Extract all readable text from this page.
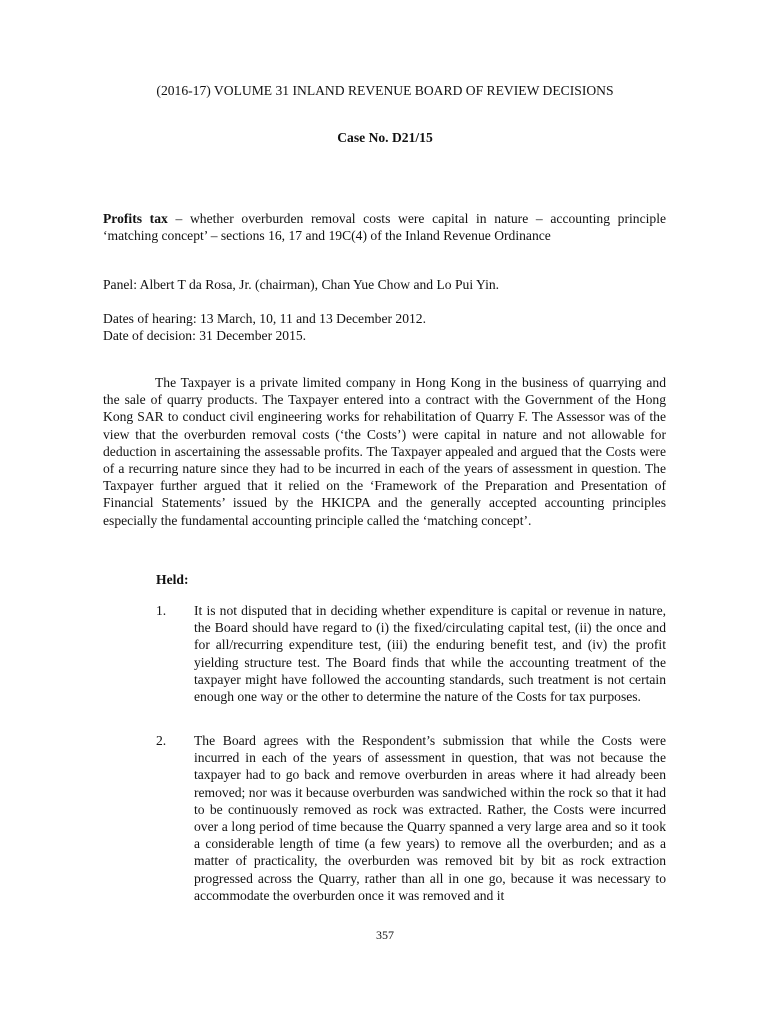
(2016-17) VOLUME 31 INLAND REVENUE BOARD OF REVIEW DECISIONS
Case No. D21/15
Profits tax – whether overburden removal costs were capital in nature – accounting principle ‘matching concept’ – sections 16, 17 and 19C(4) of the Inland Revenue Ordinance
Panel: Albert T da Rosa, Jr. (chairman), Chan Yue Chow and Lo Pui Yin.
Dates of hearing: 13 March, 10, 11 and 13 December 2012.
Date of decision: 31 December 2015.
The Taxpayer is a private limited company in Hong Kong in the business of quarrying and the sale of quarry products. The Taxpayer entered into a contract with the Government of the Hong Kong SAR to conduct civil engineering works for rehabilitation of Quarry F. The Assessor was of the view that the overburden removal costs (‘the Costs’) were capital in nature and not allowable for deduction in ascertaining the assessable profits. The Taxpayer appealed and argued that the Costs were of a recurring nature since they had to be incurred in each of the years of assessment in question. The Taxpayer further argued that it relied on the ‘Framework of the Preparation and Presentation of Financial Statements’ issued by the HKICPA and the generally accepted accounting principles especially the fundamental accounting principle called the ‘matching concept’.
Held:
1. It is not disputed that in deciding whether expenditure is capital or revenue in nature, the Board should have regard to (i) the fixed/circulating capital test, (ii) the once and for all/recurring expenditure test, (iii) the enduring benefit test, and (iv) the profit yielding structure test. The Board finds that while the accounting treatment of the taxpayer might have followed the accounting standards, such treatment is not certain enough one way or the other to determine the nature of the Costs for tax purposes.
2. The Board agrees with the Respondent’s submission that while the Costs were incurred in each of the years of assessment in question, that was not because the taxpayer had to go back and remove overburden in areas where it had already been removed; nor was it because overburden was sandwiched within the rock so that it had to be continuously removed as rock was extracted. Rather, the Costs were incurred over a long period of time because the Quarry spanned a very large area and so it took a considerable length of time (a few years) to remove all the overburden; and as a matter of practicality, the overburden was removed bit by bit as rock extraction progressed across the Quarry, rather than all in one go, because it was necessary to accommodate the overburden once it was removed and it
357
